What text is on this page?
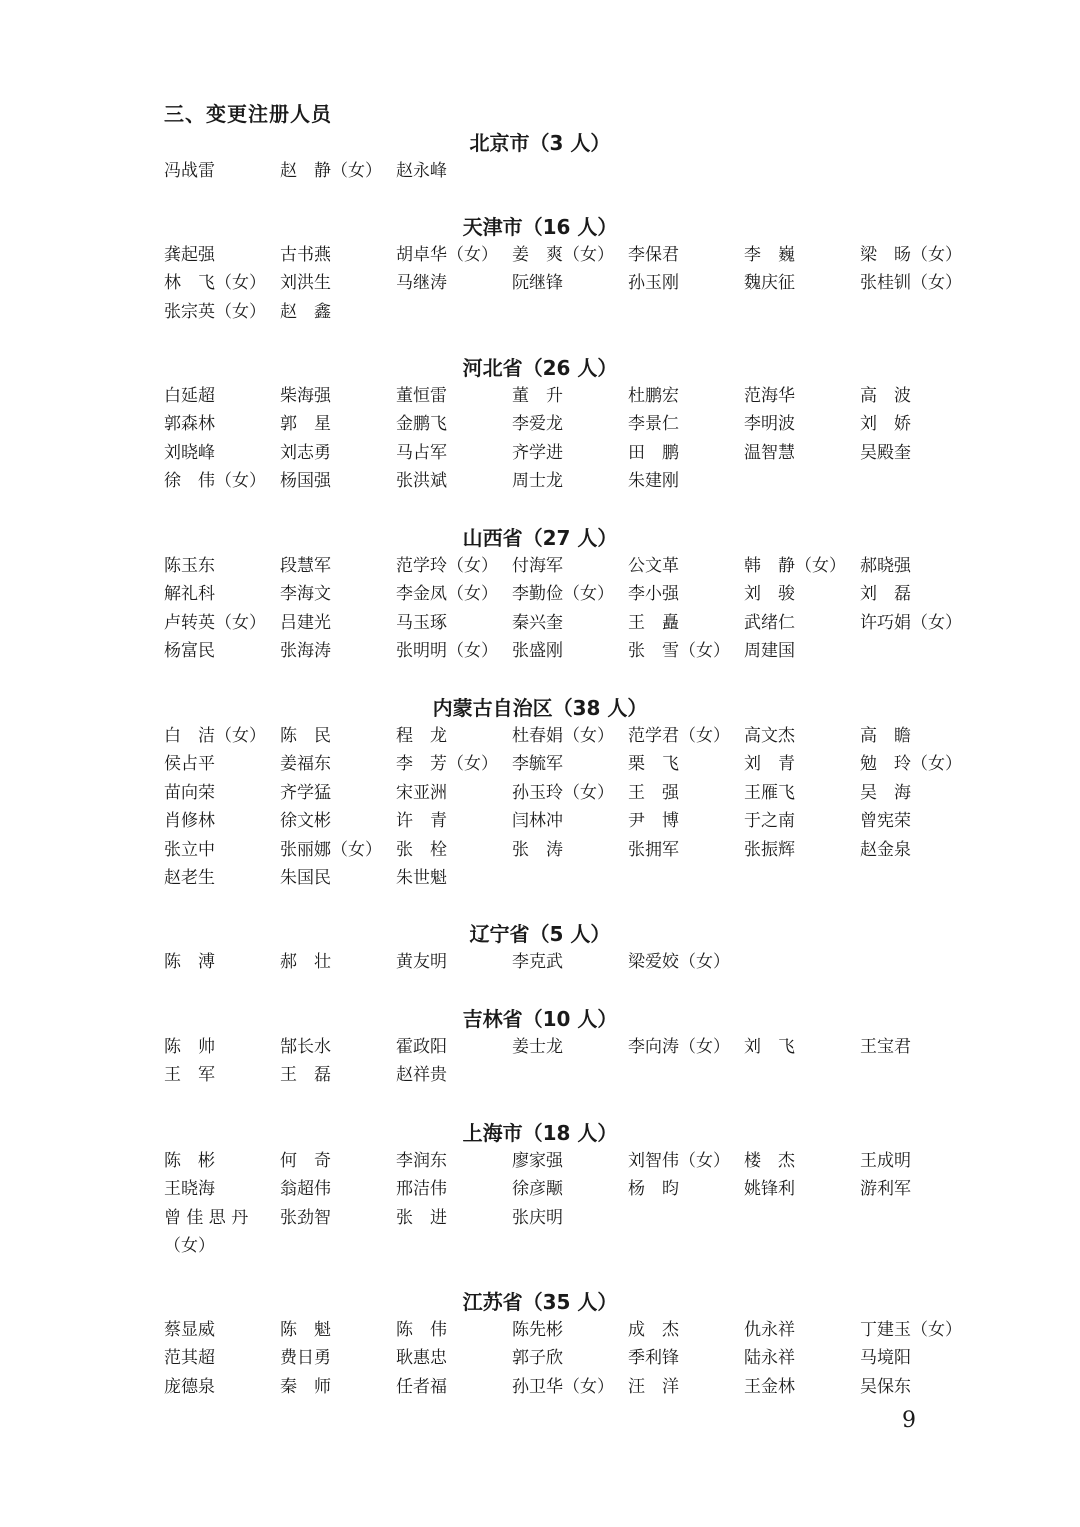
三、变更注册人员
北京市（3 人）
冯战雷	赵　静（女） 赵永峰
天津市（16 人）
龚起强	古书燕	胡卓华（女） 姜　爽（女） 李保君	李　巍	梁　旸（女）
林　飞（女） 刘洪生	马继涛	阮继锋	孙玉刚	魏庆征	张桂钏（女）
张宗英（女） 赵　鑫
河北省（26 人）
白延超	柴海强	董恒雷	董　升	杜鹏宏	范海华	高　波
郭森林	郭　星	金鹏飞	李爱龙	李景仁	李明波	刘　娇
刘晓峰	刘志勇	马占军	齐学进	田　鹏	温智慧	吴殿奎
徐　伟（女） 杨国强	张洪斌	周士龙	朱建刚
山西省（27 人）
陈玉东	段慧军	范学玲（女） 付海军	公文革	韩　静（女） 郝晓强
解礼科	李海文	李金凤（女） 李勤俭（女） 李小强	刘　骏	刘　磊
卢转英（女） 吕建光	马玉琢	秦兴奎	王　矗	武绪仁	许巧娟（女）
杨富民	张海涛	张明明（女） 张盛刚	张　雪（女） 周建国
内蒙古自治区（38 人）
白　洁（女） 陈　民	程　龙	杜春娟（女） 范学君（女） 高文杰	高　瞻
侯占平	姜福东	李　芳（女） 李毓军	栗　飞	刘　青	勉　玲（女）
苗向荣	齐学猛	宋亚洲	孙玉玲（女） 王　强	王雁飞	吴　海
肖修林	徐文彬	许　青	闫林冲	尹　博	于之南	曾宪荣
张立中	张丽娜（女） 张　栓	张　涛	张拥军	张振辉	赵金泉
赵老生	朱国民	朱世魁
辽宁省（5 人）
陈　溥	郝　壮	黄友明	李克武	梁爱姣（女）
吉林省（10 人）
陈　帅	郜长水	霍政阳	姜士龙	李向涛（女） 刘　飞	王宝君
王　军	王　磊	赵祥贵
上海市（18 人）
陈　彬	何　奇	李润东	廖家强	刘智伟（女） 楼　杰	王成明
王晓海	翁超伟	邢洁伟	徐彦颙	杨　昀	姚锋利	游利军
曾 佳 思 丹 （女）
张劲智	张　进	张庆明
江苏省（35 人）
蔡显威	陈　魁	陈　伟	陈先彬	成　杰	仇永祥	丁建玉（女）
范其超	费日勇	耿惠忠	郭子欣	季利锋	陆永祥	马境阳
庞德泉	秦　师	任者福	孙卫华（女） 汪　洋	王金林	吴保东
9
